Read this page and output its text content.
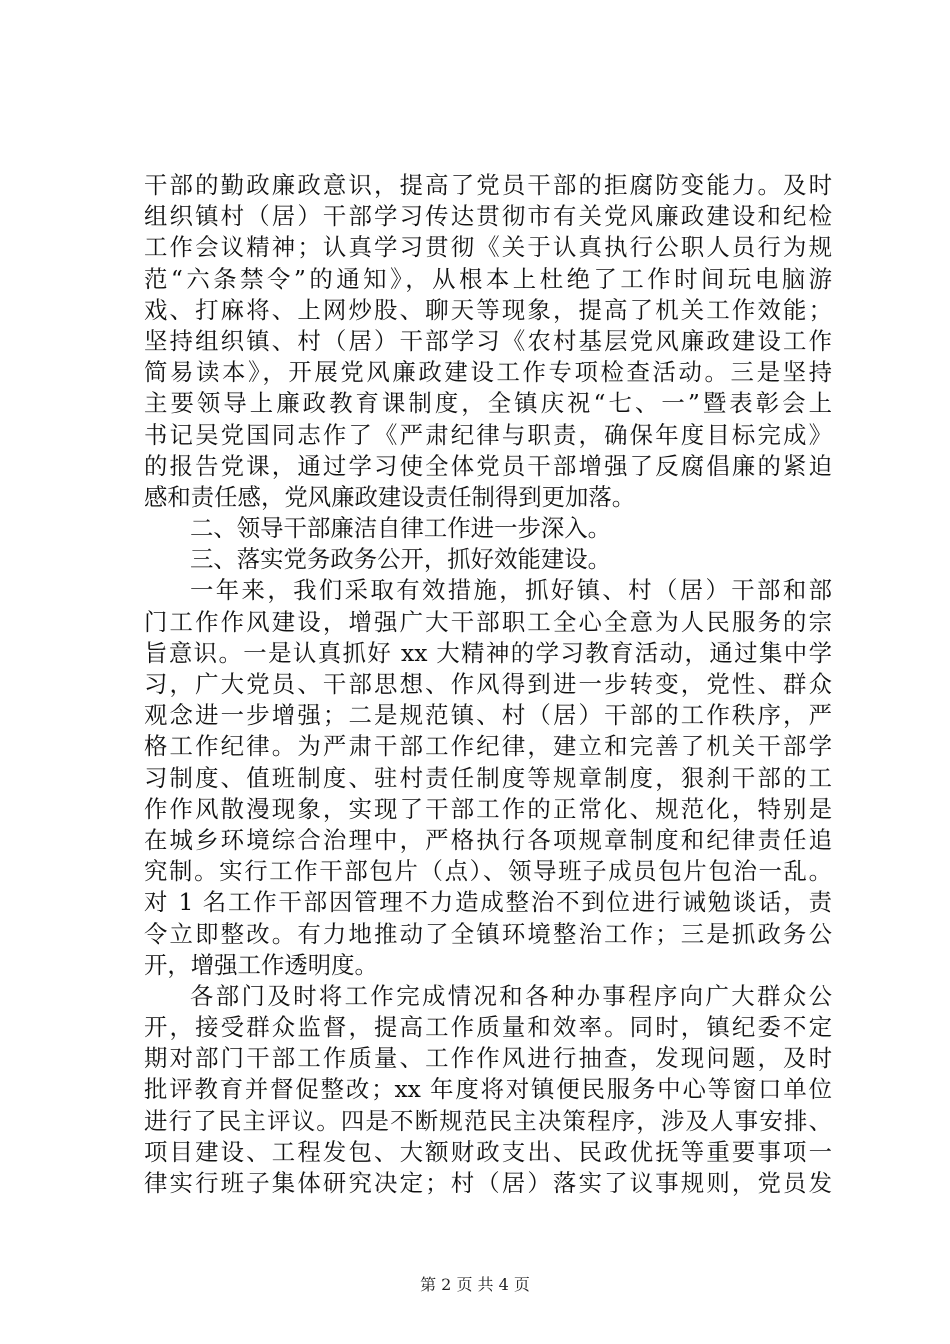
干部的勤政廉政意识，提高了党员干部的拒腐防变能力。及时
组织镇村（居）干部学习传达贯彻市有关党风廉政建设和纪检
工作会议精神；认真学习贯彻《关于认真执行公职人员行为规
范“六条禁令”的通知》，从根本上杜绝了工作时间玩电脑游
戏、打麻将、上网炒股、聊天等现象，提高了机关工作效能；
坚持组织镇、村（居）干部学习《农村基层党风廉政建设工作
简易读本》，开展党风廉政建设工作专项检查活动。三是坚持
主要领导上廉政教育课制度，全镇庆祝“七、一”暨表彰会上
书记吴党国同志作了《严肃纪律与职责，确保年度目标完成》
的报告党课，通过学习使全体党员干部增强了反腐倡廉的紧迫
感和责任感，党风廉政建设责任制得到更加落。
二、领导干部廉洁自律工作进一步深入。
三、落实党务政务公开，抓好效能建设。
一年来，我们采取有效措施，抓好镇、村（居）干部和部
门工作作风建设，增强广大干部职工全心全意为人民服务的宗
旨意识。一是认真抓好 xx 大精神的学习教育活动，通过集中学
习，广大党员、干部思想、作风得到进一步转变，党性、群众
观念进一步增强；二是规范镇、村（居）干部的工作秩序，严
格工作纪律。为严肃干部工作纪律，建立和完善了机关干部学
习制度、值班制度、驻村责任制度等规章制度，狠刹干部的工
作作风散漫现象，实现了干部工作的正常化、规范化，特别是
在城乡环境综合治理中，严格执行各项规章制度和纪律责任追
究制。实行工作干部包片（点）、领导班子成员包片包治一乱。
对 1 名工作干部因管理不力造成整治不到位进行诫勉谈话，责
令立即整改。有力地推动了全镇环境整治工作；三是抓政务公
开，增强工作透明度。
各部门及时将工作完成情况和各种办事程序向广大群众公
开，接受群众监督，提高工作质量和效率。同时，镇纪委不定
期对部门干部工作质量、工作作风进行抽查，发现问题，及时
批评教育并督促整改；xx 年度将对镇便民服务中心等窗口单位
进行了民主评议。四是不断规范民主决策程序，涉及人事安排、
项目建设、工程发包、大额财政支出、民政优抚等重要事项一
律实行班子集体研究决定；村（居）落实了议事规则，党员发
第 2 页 共 4 页
